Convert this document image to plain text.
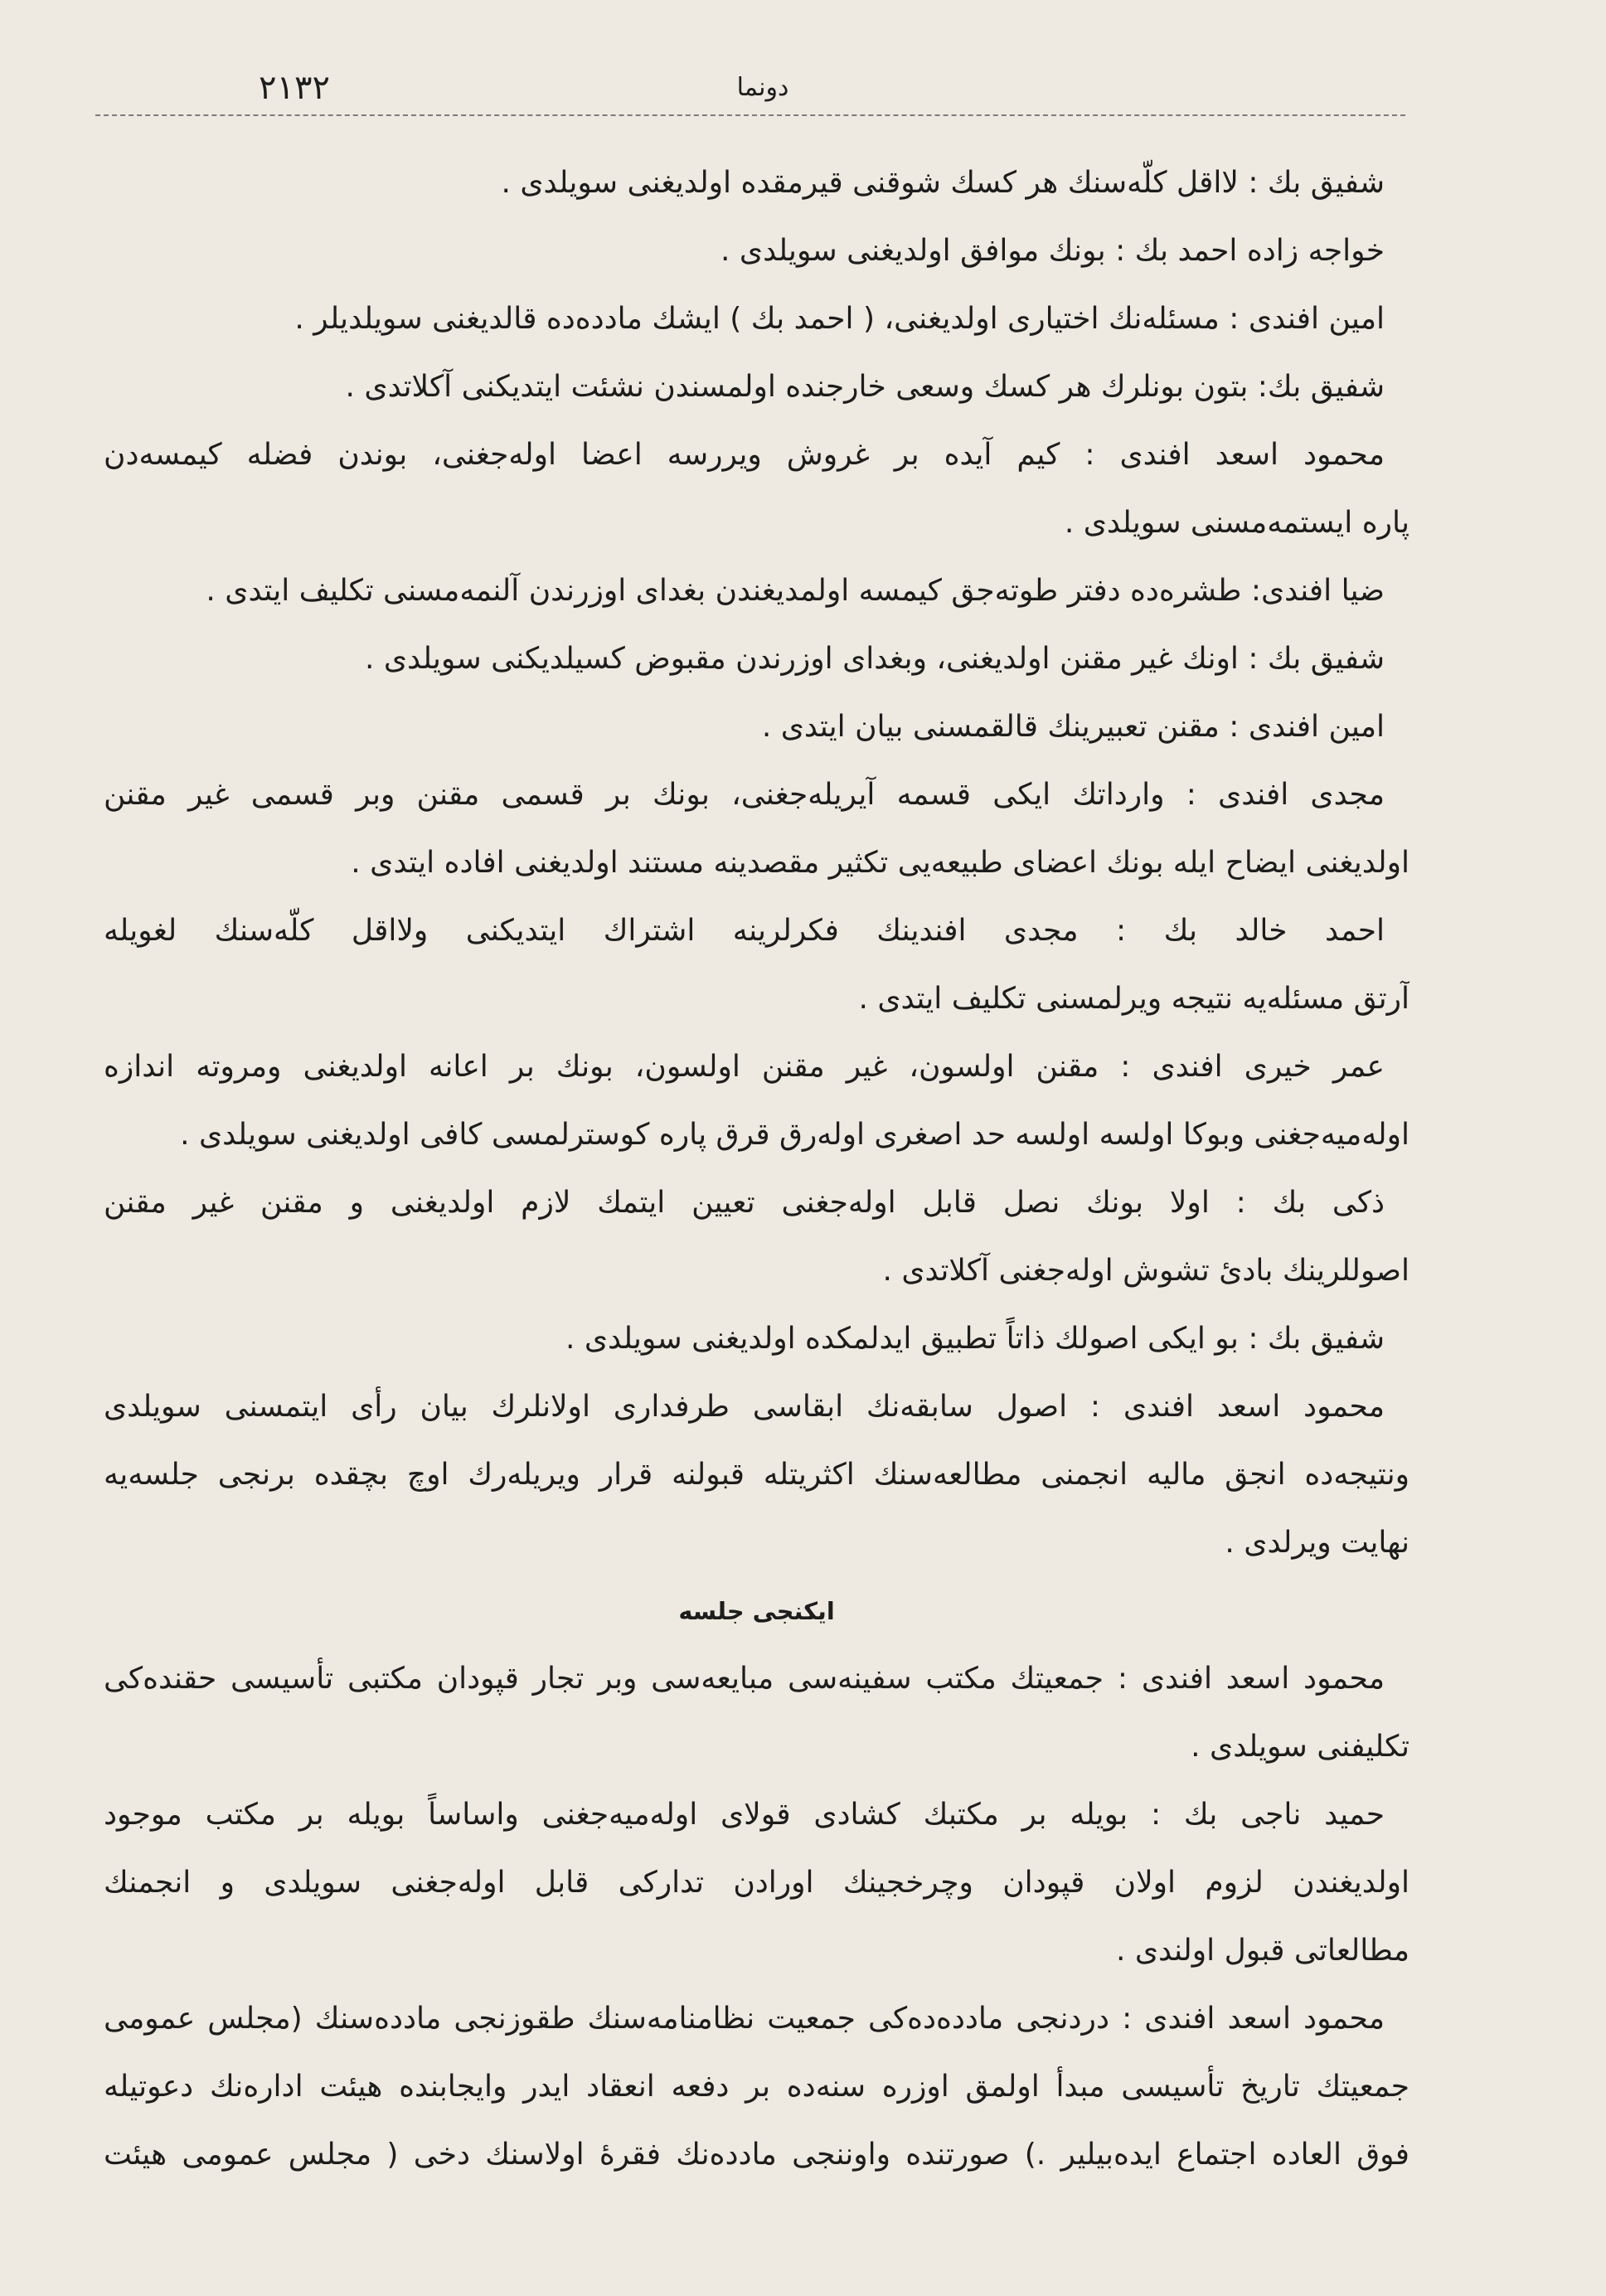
٢١٣٢	دونما
شفیق بك : لااقل كلّه‌سنك هر كسك شوقنی قیرمقده اولدیغنی سویلدی .
خواجه زاده احمد بك : بونك موافق اولدیغنی سویلدی .
امین افندی : مسئله‌نك اختیاری اولدیغنی، ( احمد بك ) ایشك مادده‌ده قالدیغنی سویلدیلر .
شفیق بك: بتون بونلرك هر كسك وسعی خارجنده اولمسندن نشئت ایتدیكنی آكلاتدی .
محمود اسعد افندی : كیم آیده بر غروش ویررسه اعضا اوله‌جغنی، بوندن فضله كیمسه‌دن
پاره ایستمه‌مسنی سویلدی .
ضیا افندی: طشره‌ده دفتر طوته‌جق كیمسه اولمدیغندن بغدای اوزرندن آلنمه‌مسنی تكلیف ایتدی .
شفیق بك : اونك غیر مقنن اولدیغنی، وبغدای اوزرندن مقبوض كسیلدیكنی سویلدی .
امین افندی : مقنن تعبیرینك قالقمسنی بیان ایتدی .
مجدی افندی : وارداتك ایكی قسمه آیریله‌جغنی، بونك بر قسمی مقنن وبر قسمی غیر مقنن
اولدیغنی ایضاح ایله بونك اعضای طبیعه‌یی تكثیر مقصدینه مستند اولدیغنی افاده ایتدی .
احمد خالد بك : مجدی افندینك فكرلرینه اشتراك ایتدیكنی ولااقل كلّه‌سنك لغویله
آرتق مسئله‌یه نتیجه ویرلمسنی تكلیف ایتدی .
عمر خیری افندی : مقنن اولسون، غیر مقنن اولسون، بونك بر اعانه اولدیغنی ومروته اندازه
اوله‌میه‌جغنی وبوكا اولسه اولسه حد اصغری اوله‌رق قرق پاره كوسترلمسی كافی اولدیغنی سویلدی .
ذكی بك : اولا بونك نصل قابل اوله‌جغنی تعیین ایتمك لازم اولدیغنی و مقنن غیر مقنن
اصوللرینك بادئ تشوش اوله‌جغنی آكلاتدی .
شفیق بك : بو ایكی اصولك ذاتاً تطبیق ایدلمكده اولدیغنی سویلدی .
محمود اسعد افندی : اصول سابقه‌نك ابقاسی طرفداری اولانلرك بیان رأی ایتمسنی سویلدی
ونتیجه‌ده انجق مالیه انجمنی مطالعه‌سنك اكثریتله قبولنه قرار ویریله‌رك اوچ بچقده برنجی جلسه‌یه
نهایت ویرلدی .
ایكنجی جلسه
محمود اسعد افندی : جمعیتك مكتب سفینه‌سی مبایعه‌سی وبر تجار قپودان مكتبی تأسیسی حقنده‌كی
تكلیفنی سویلدی .
حمید ناجی بك : بویله بر مكتبك كشادی قولای اوله‌میه‌جغنی واساساً بویله بر مكتب موجود
اولدیغندن لزوم اولان قپودان وچرخجینك اورادن تداركی قابل اوله‌جغنی سویلدی و انجمنك
مطالعاتی قبول اولندی .
محمود اسعد افندی : دردنجی مادده‌ده‌كی جمعیت نظامنامه‌سنك طقوزنجی مادده‌سنك (مجلس عمومی
جمعیتك تاریخ تأسیسی مبدأ اولمق اوزره سنه‌ده بر دفعه انعقاد ایدر وایجابنده هیئت اداره‌نك دعوتیله
فوق العاده اجتماع ایده‌بیلیر .) صورتنده واوننجی مادده‌نك فقرهٔ اولاسنك دخی ( مجلس عمومی هیئت
